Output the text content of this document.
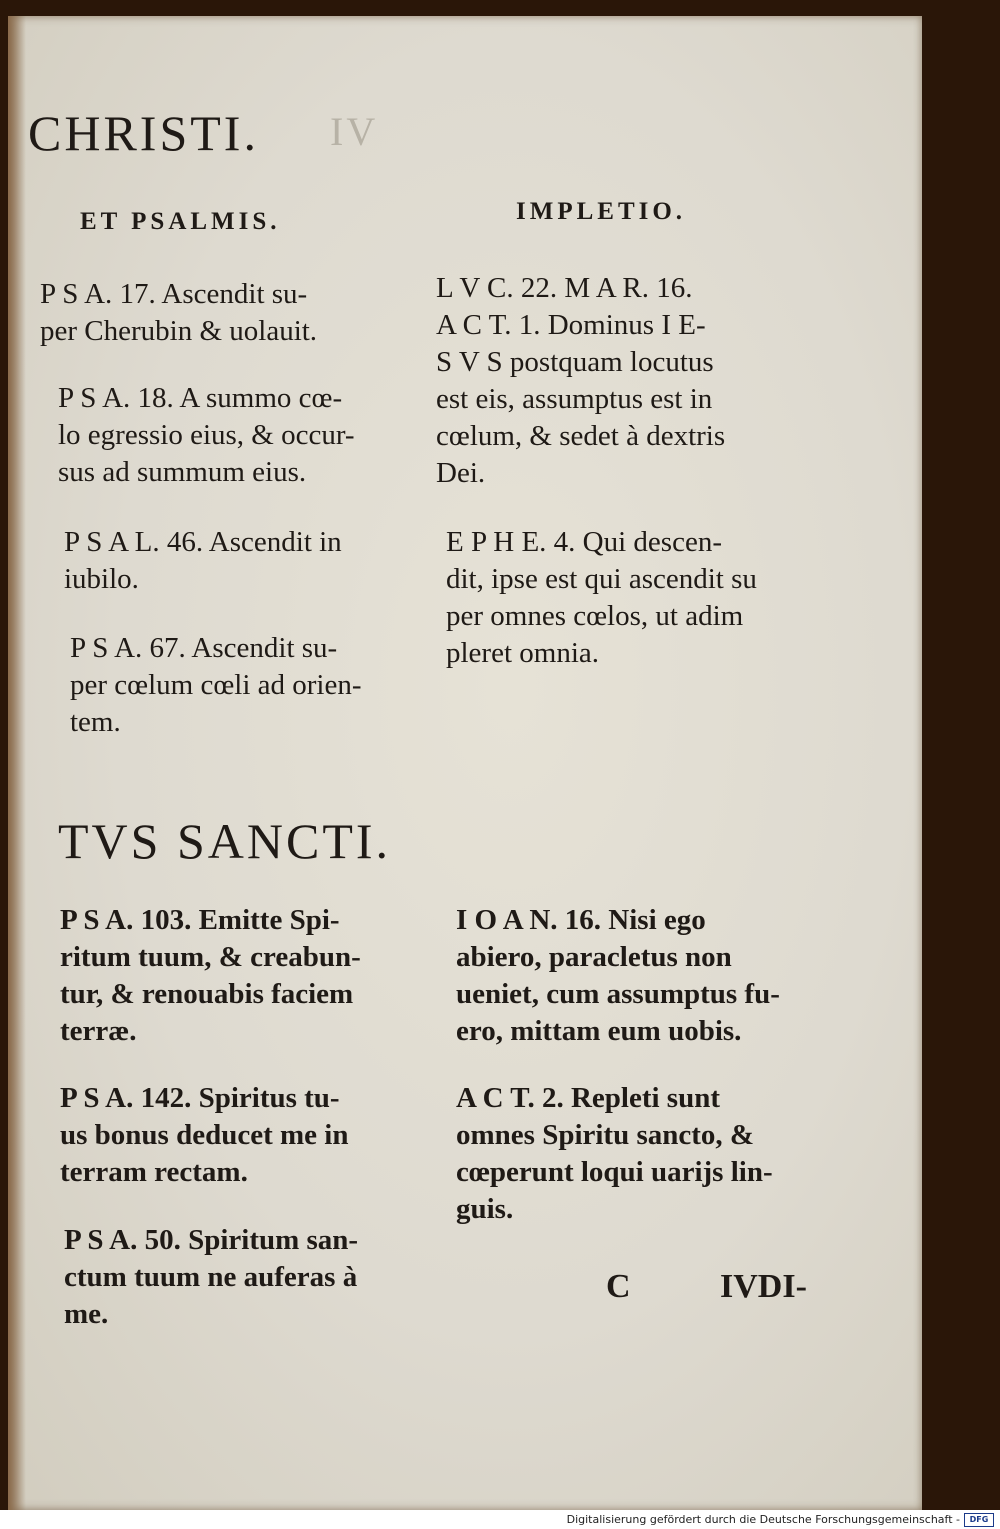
CHRISTI. IV
ET PSALMIS.	IMPLETIO.
P S A. 17. Ascendit su-
per Cherubin & uolauit.
P S A. 18. A summo cœ-
lo egressio eius, & occur-
sus ad summum eius.
P S A L. 46. Ascendit in
iubilo.
P S A. 67. Ascendit su-
per cœlum cœli ad orien-
tem.
L V C. 22. M A R. 16.
A C T. 1. Dominus I E-
S V S postquam locutus
est eis, assumptus est in
cœlum, & sedet à dextris
Dei.
E P H E. 4. Qui descen-
dit, ipse est qui ascendit su
per omnes cœlos, ut adim
pleret omnia.
TVS SANCTI.
P S A. 103. Emitte Spi-
ritum tuum, & creabun-
tur, & renouabis faciem
terræ.
P S A. 142. Spiritus tu-
us bonus deducet me in
terram rectam.
P S A. 50. Spiritum san-
ctum tuum ne auferas à
me.
I O A N. 16. Nisi ego
abiero, paracletus non
ueniet, cum assumptus fu-
ero, mittam eum uobis.
A C T. 2. Repleti sunt
omnes Spiritu sancto, &
cœperunt loqui uarijs lin-
guis.
C	IVDI-
Digitalisierung gefördert durch die Deutsche Forschungsgemeinschaft -	DFG
